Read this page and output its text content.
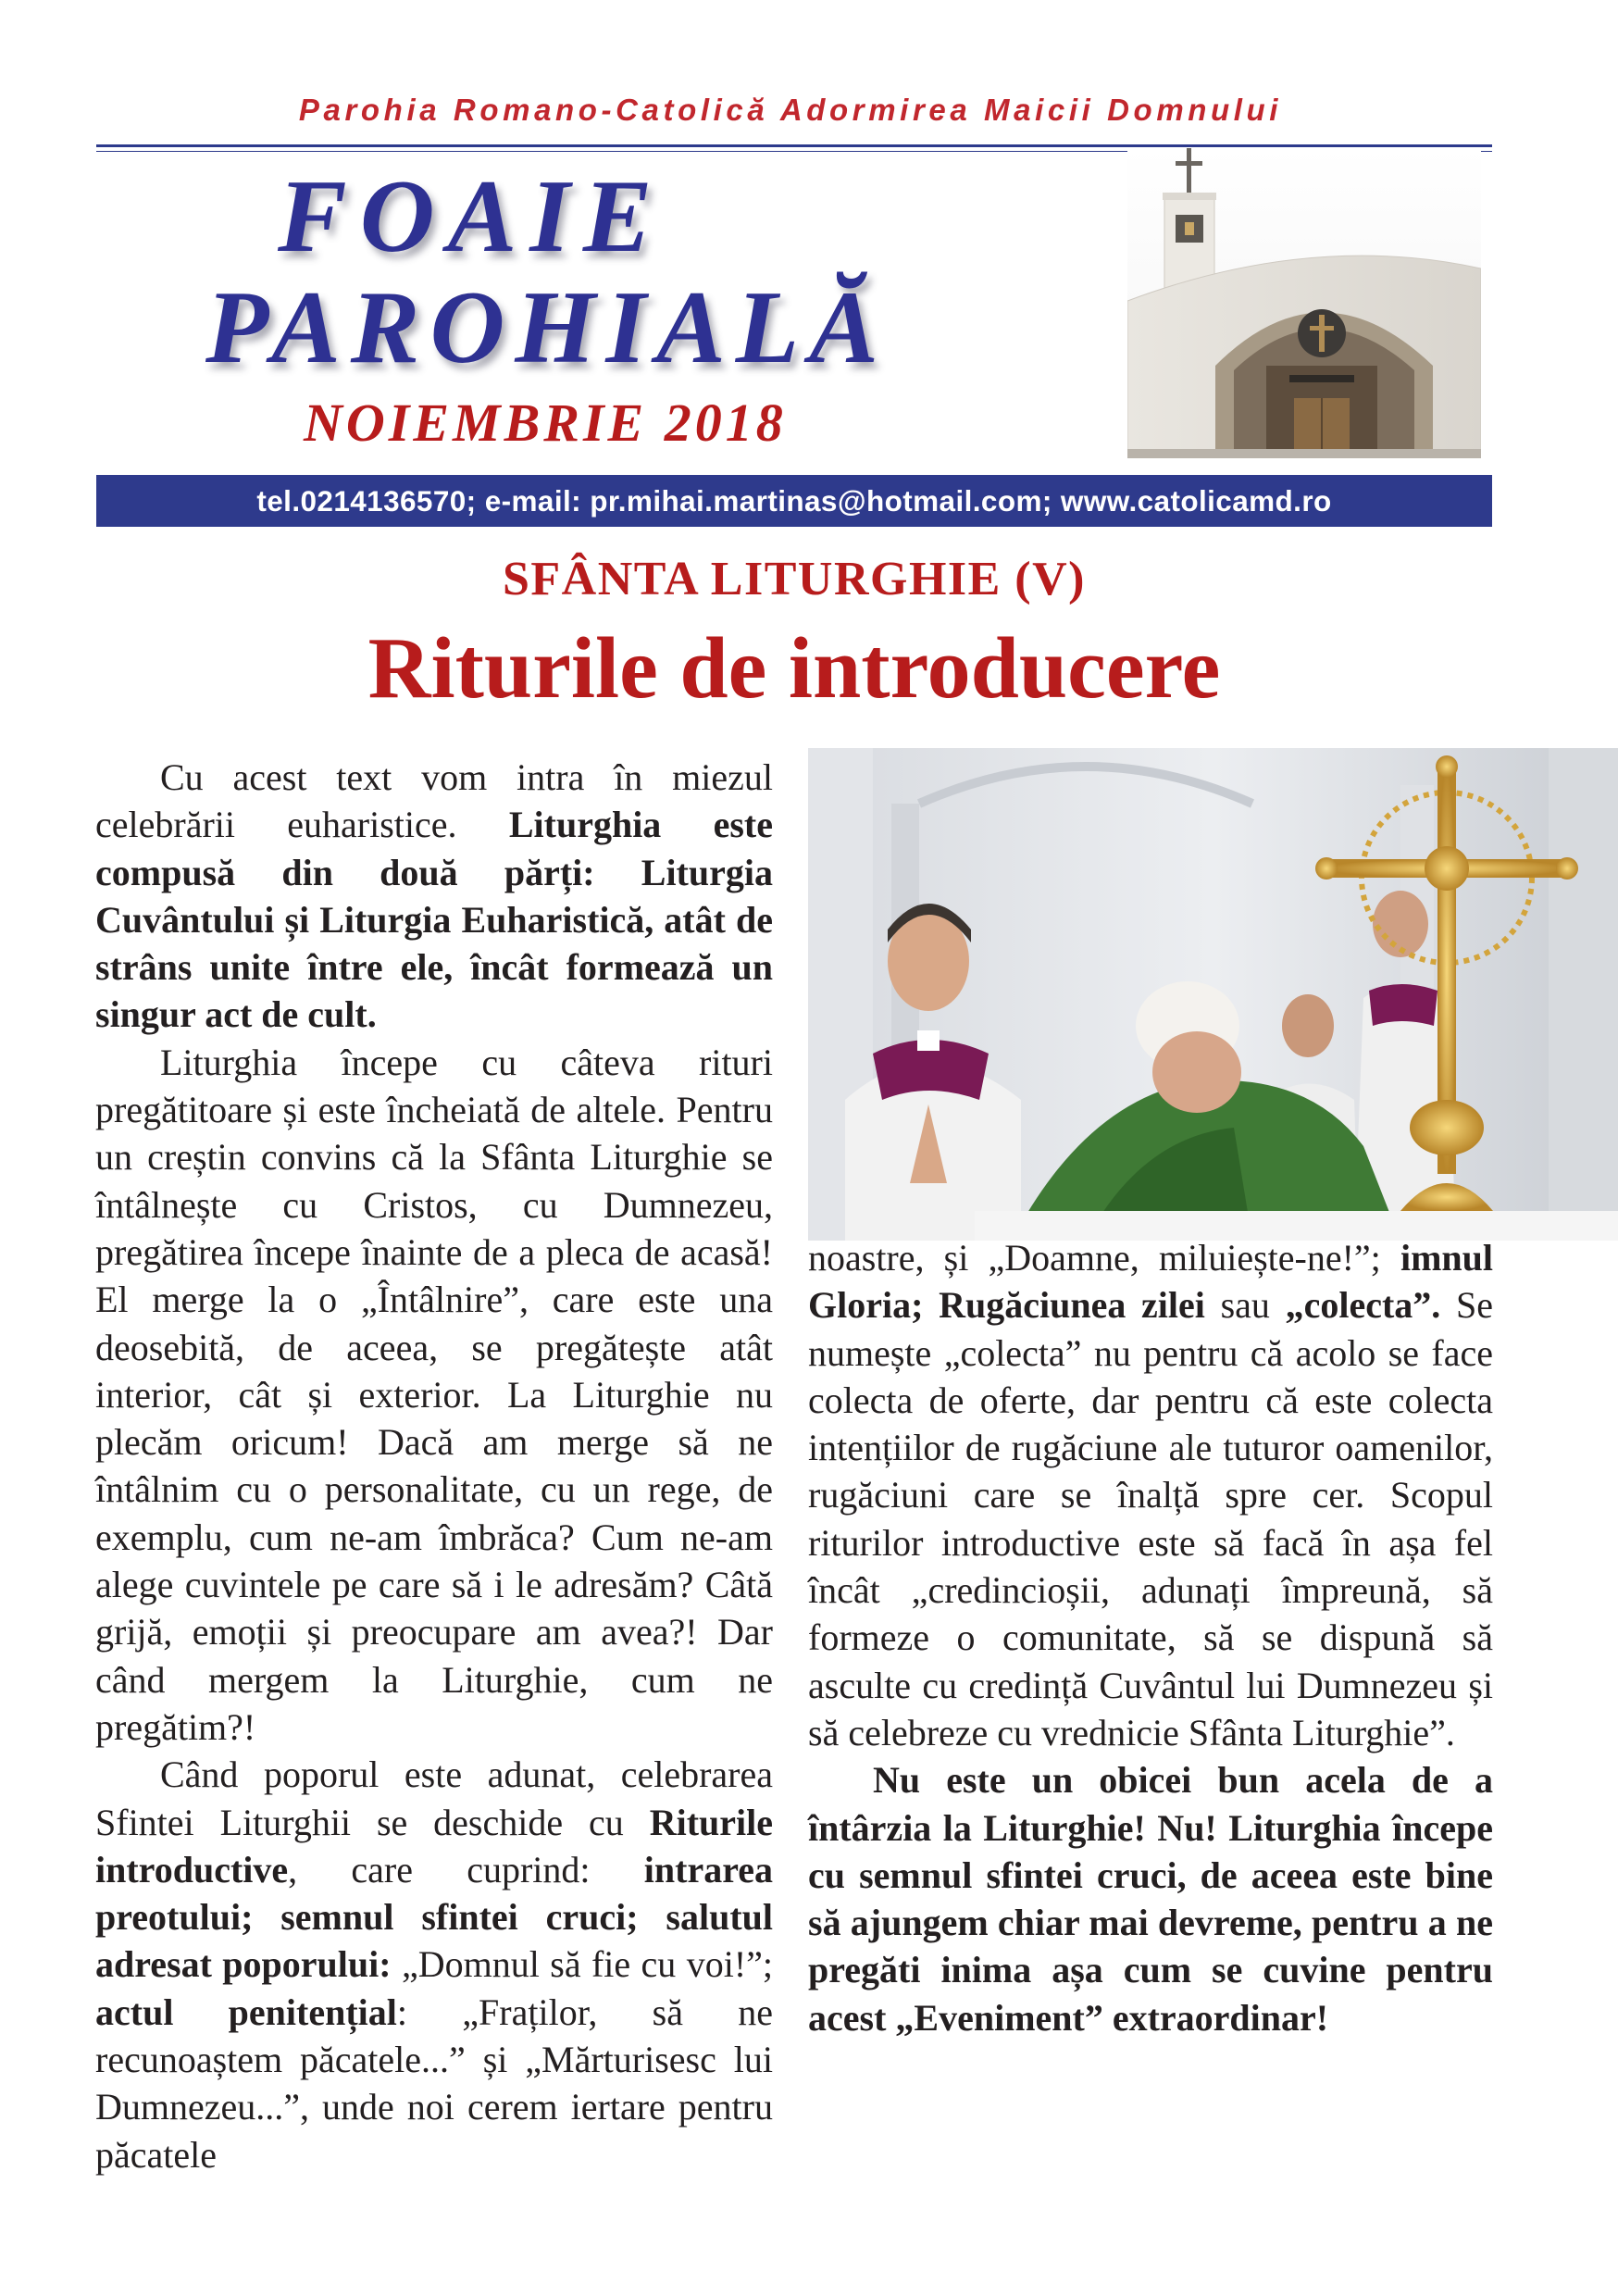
Parohia Romano-Catolică Adormirea Maicii Domnului
FOAIE
PAROHIALĂ
NOIEMBRIE 2018
tel.0214136570; e-mail: pr.mihai.martinas@hotmail.com; www.catolicamd.ro
SFÂNTA LITURGHIE (V)
Riturile de introducere

Cu acest text vom intra în miezul celebrării euharistice. Liturghia este compusă din două părți: Liturgia Cuvântului și Liturgia Euharistică, atât de strâns unite între ele, încât formează un singur act de cult.

Liturghia începe cu câteva rituri pregătitoare și este încheiată de altele. Pentru un creștin convins că la Sfânta Liturghie se întâlnește cu Cristos, cu Dumnezeu, pregătirea începe înainte de a pleca de acasă! El merge la o „Întâlnire”, care este una deosebită, de aceea, se pregătește atât interior, cât și exterior. La Liturghie nu plecăm oricum! Dacă am merge să ne întâlnim cu o personalitate, cu un rege, de exemplu, cum ne-am îmbrăca? Cum ne-am alege cuvintele pe care să i le adresăm? Câtă grijă, emoții și preocupare am avea?! Dar când mergem la Liturghie, cum ne pregătim?!

Când poporul este adunat, celebrarea Sfintei Liturghii se deschide cu Riturile introductive, care cuprind: intrarea preotului; semnul sfintei cruci; salutul adresat poporului: „Domnul să fie cu voi!”; actul penitențial: „Fraților, să ne recunoaștem păcatele...” și „Mărturisesc lui Dumnezeu...”, unde noi cerem iertare pentru păcatele

noastre, și „Doamne, miluiește-ne!”; imnul Gloria; Rugăciunea zilei sau „colecta”. Se numește „colecta” nu pentru că acolo se face colecta de oferte, dar pentru că este colecta intențiilor de rugăciune ale tuturor oamenilor, rugăciuni care se înalță spre cer. Scopul riturilor introductive este să facă în așa fel încât „credincioșii, adunați împreună, să formeze o comunitate, să se dispună să asculte cu credință Cuvântul lui Dumnezeu și să celebreze cu vrednicie Sfânta Liturghie”.

Nu este un obicei bun acela de a întârzia la Liturghie! Nu! Liturghia începe cu semnul sfintei cruci, de aceea este bine să ajungem chiar mai devreme, pentru a ne pregăti inima așa cum se cuvine pentru acest „Eveniment” extraordinar!
